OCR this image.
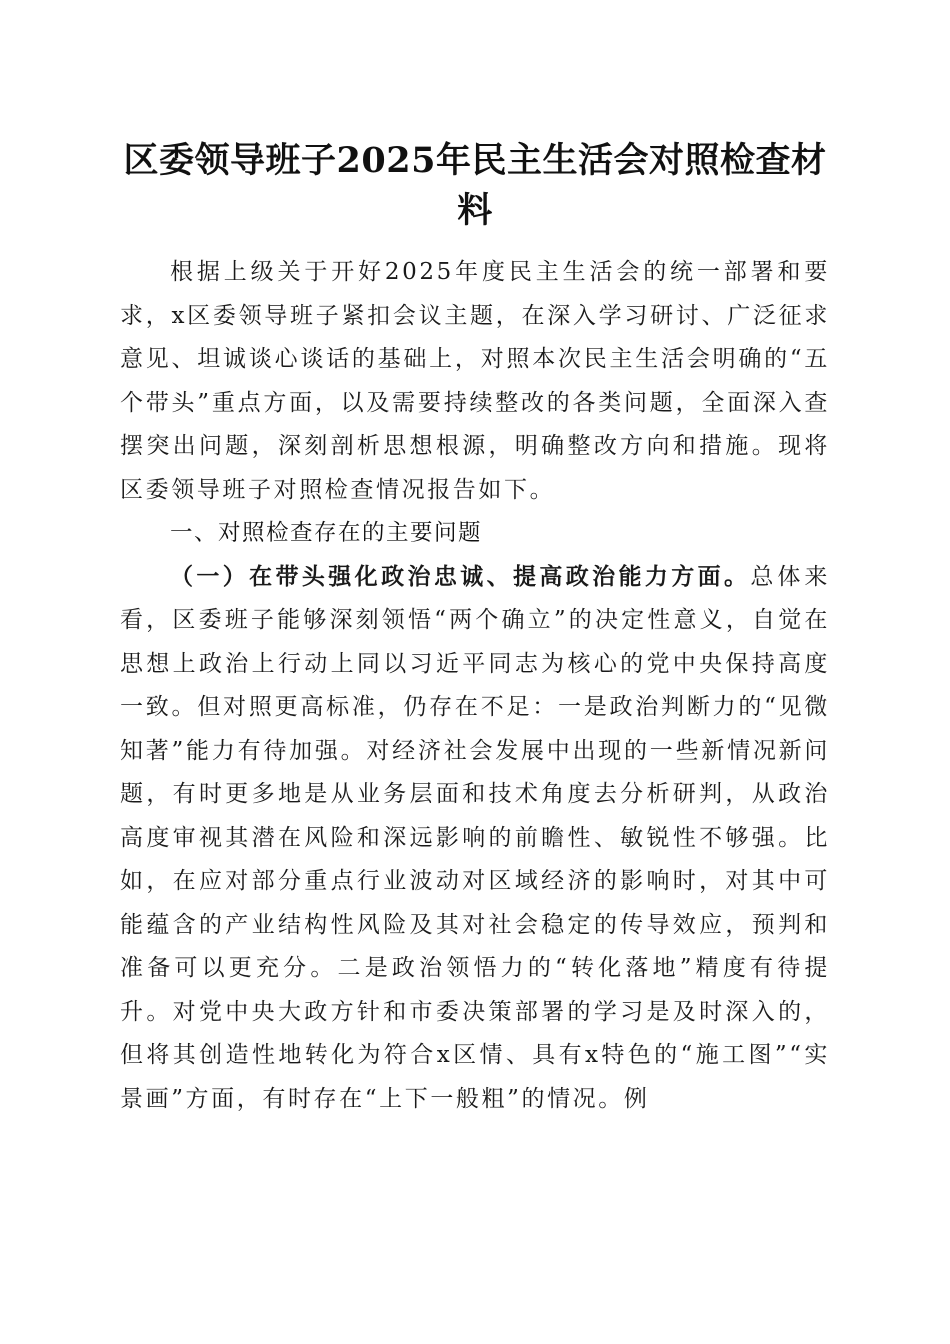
区委领导班子2025年民主生活会对照检查材料

根据上级关于开好2025年度民主生活会的统一部署和要求，x区委领导班子紧扣会议主题，在深入学习研讨、广泛征求意见、坦诚谈心谈话的基础上，对照本次民主生活会明确的“五个带头”重点方面，以及需要持续整改的各类问题，全面深入查摆突出问题，深刻剖析思想根源，明确整改方向和措施。现将区委领导班子对照检查情况报告如下。

一、对照检查存在的主要问题

（一）在带头强化政治忠诚、提高政治能力方面。总体来看，区委班子能够深刻领悟“两个确立”的决定性意义，自觉在思想上政治上行动上同以习近平同志为核心的党中央保持高度一致。但对照更高标准，仍存在不足：一是政治判断力的“见微知著”能力有待加强。对经济社会发展中出现的一些新情况新问题，有时更多地是从业务层面和技术角度去分析研判，从政治高度审视其潜在风险和深远影响的前瞻性、敏锐性不够强。比如，在应对部分重点行业波动对区域经济的影响时，对其中可能蕴含的产业结构性风险及其对社会稳定的传导效应，预判和准备可以更充分。二是政治领悟力的“转化落地”精度有待提升。对党中央大政方针和市委决策部署的学习是及时深入的，但将其创造性地转化为符合x区情、具有x特色的“施工图”“实景画”方面，有时存在“上下一般粗”的情况。例
